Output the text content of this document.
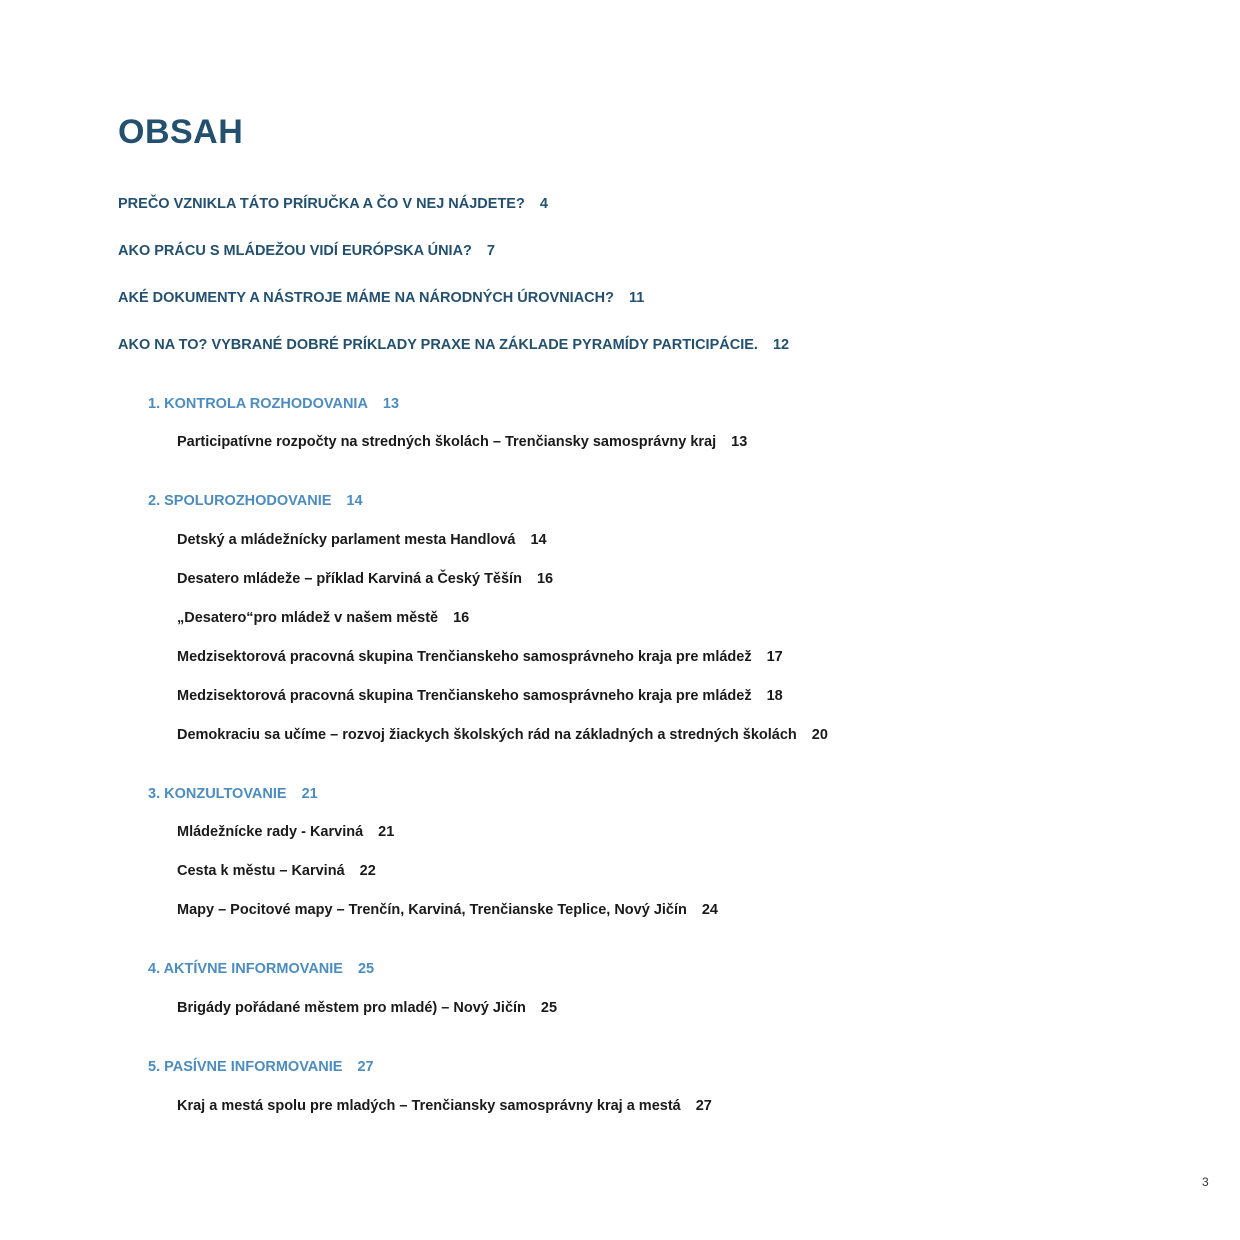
OBSAH
PREČO VZNIKLA TÁTO PRÍRUČKA A ČO V NEJ NÁJDETE? 4
AKO PRÁCU S MLÁDEŽOU VIDÍ EURÓPSKA ÚNIA? 7
AKÉ DOKUMENTY A NÁSTROJE MÁME NA NÁRODNÝCH ÚROVNIACH? 11
AKO NA TO? VYBRANÉ DOBRÉ PRÍKLADY PRAXE NA ZÁKLADE PYRAMÍDY PARTICIPÁCIE. 12
1. KONTROLA ROZHODOVANIA 13
Participatívne rozpočty na stredných školách – Trenčiansky samosprávny kraj 13
2. SPOLUROZHODOVANIE 14
Detský a mládežnícky parlament mesta Handlová 14
Desatero mládeže – příklad Karviná a Český Těšín 16
„Desatero“pro mládež v našem městě 16
Medzisektorová pracovná skupina Trenčianskeho samosprávneho kraja pre mládež 17
Medzisektorová pracovná skupina Trenčianskeho samosprávneho kraja pre mládež 18
Demokraciu sa učíme – rozvoj žiackych školských rád na základných a stredných školách 20
3. KONZULTOVANIE 21
Mládežnícke rady - Karviná 21
Cesta k městu – Karviná 22
Mapy – Pocitové mapy – Trenčín, Karviná, Trenčianske Teplice, Nový Jičín 24
4. AKTÍVNE INFORMOVANIE 25
Brigády pořádané městem pro mladé) – Nový Jičín 25
5. PASÍVNE INFORMOVANIE 27
Kraj a mestá spolu pre mladých – Trenčiansky samosprávny kraj a mestá 27
3
